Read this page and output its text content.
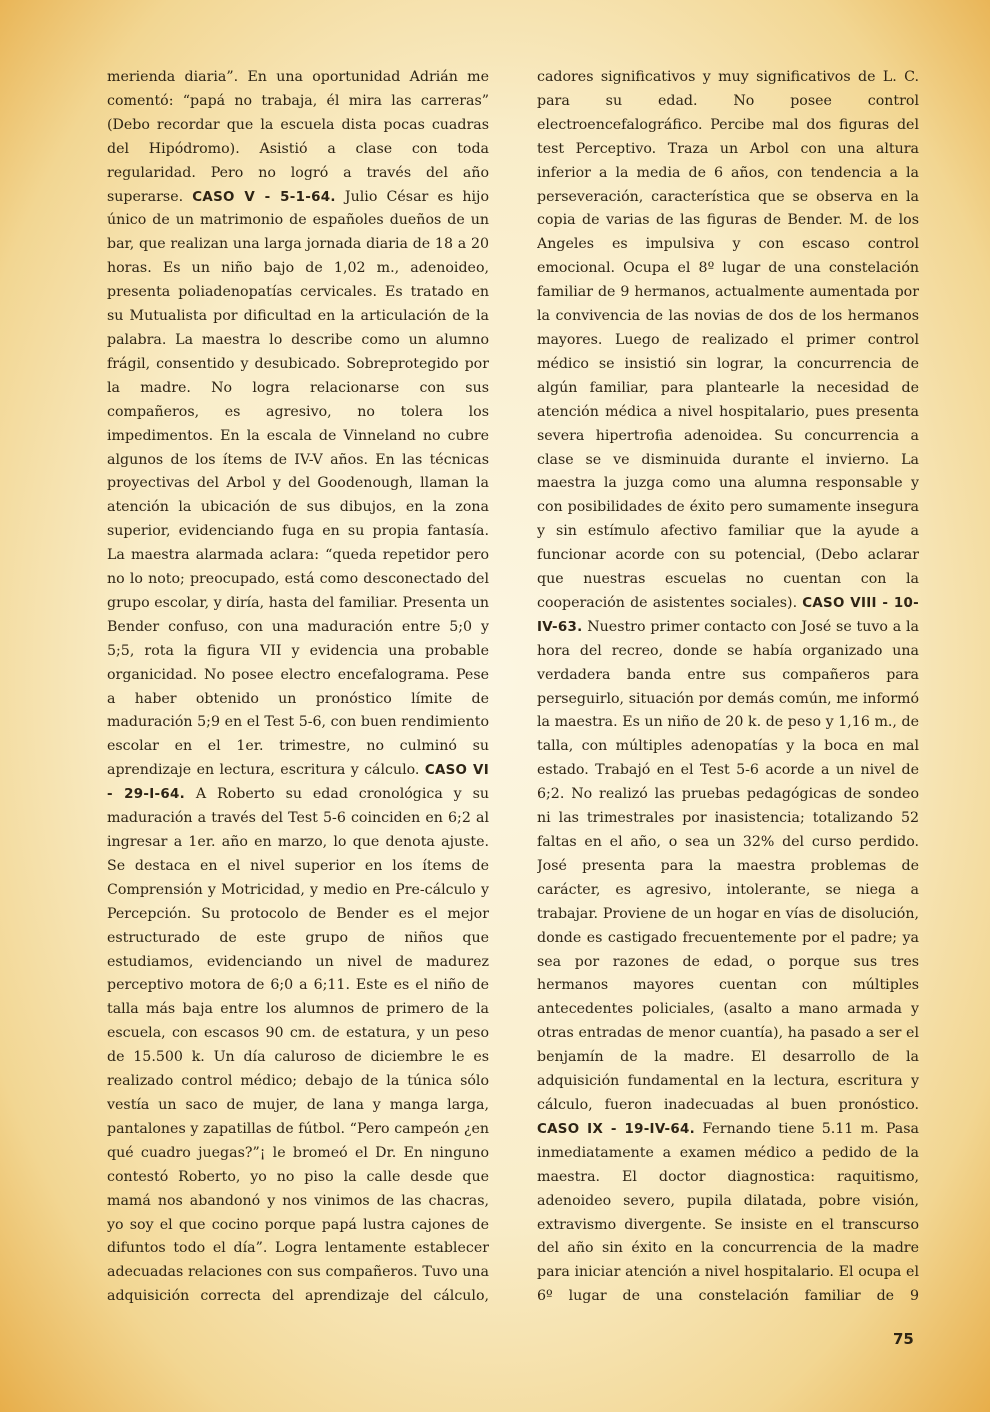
merienda diaria”. En una oportunidad Adrián me comentó: “papá no trabaja, él mira las carreras” (Debo recordar que la escuela dista pocas cuadras del Hipódromo). Asistió a clase con toda regularidad. Pero no logró a través del año superarse. CASO V - 5-1-64. Julio César es hijo único de un matrimonio de españoles dueños de un bar, que realizan una larga jornada diaria de 18 a 20 horas. Es un niño bajo de 1,02 m., adenoideo, presenta poliadenopatías cervicales. Es tratado en su Mutualista por dificultad en la articulación de la palabra. La maestra lo describe como un alumno frágil, consentido y desubicado. Sobreprotegido por la madre. No logra relacionarse con sus compañeros, es agresivo, no tolera los impedimentos. En la escala de Vinneland no cubre algunos de los ítems de IV-V años. En las técnicas proyectivas del Arbol y del Goodenough, llaman la atención la ubicación de sus dibujos, en la zona superior, evidenciando fuga en su propia fantasía. La maestra alarmada aclara: “queda repetidor pero no lo noto; preocupado, está como desconectado del grupo escolar, y diría, hasta del familiar. Presenta un Bender confuso, con una maduración entre 5;0 y 5;5, rota la figura VII y evidencia una probable organicidad. No posee electro encefalograma. Pese a haber obtenido un pronóstico límite de maduración 5;9 en el Test 5-6, con buen rendimiento escolar en el 1er. trimestre, no culminó su aprendizaje en lectura, escritura y cálculo. CASO VI - 29-I-64. A Roberto su edad cronológica y su maduración a través del Test 5-6 coinciden en 6;2 al ingresar a 1er. año en marzo, lo que denota ajuste. Se destaca en el nivel superior en los ítems de Comprensión y Motricidad, y medio en Pre-cálculo y Percepción. Su protocolo de Bender es el mejor estructurado de este grupo de niños que estudiamos, evidenciando un nivel de madurez perceptivo motora de 6;0 a 6;11. Este es el niño de talla más baja entre los alumnos de primero de la escuela, con escasos 90 cm. de estatura, y un peso de 15.500 k. Un día caluroso de diciembre le es realizado control médico; debajo de la túnica sólo vestía un saco de mujer, de lana y manga larga, pantalones y zapatillas de fútbol. “Pero campeón ¿en qué cuadro juegas?”¡ le bromeó el Dr. En ninguno contestó Roberto, yo no piso la calle desde que mamá nos abandonó y nos vinimos de las chacras, yo soy el que cocino porque papá lustra cajones de difuntos todo el día”. Logra lentamente establecer adecuadas relaciones con sus compañeros. Tuvo una adquisición correcta del aprendizaje del cálculo,

cadores significativos y muy significativos de L. C. para su edad. No posee control electroencefalográfico. Percibe mal dos figuras del test Perceptivo. Traza un Arbol con una altura inferior a la media de 6 años, con tendencia a la perseveración, característica que se observa en la copia de varias de las figuras de Bender. M. de los Angeles es impulsiva y con escaso control emocional. Ocupa el 8º lugar de una constelación familiar de 9 hermanos, actualmente aumentada por la convivencia de las novias de dos de los hermanos mayores. Luego de realizado el primer control médico se insistió sin lograr, la concurrencia de algún familiar, para plantearle la necesidad de atención médica a nivel hospitalario, pues presenta severa hipertrofia adenoidea. Su concurrencia a clase se ve disminuida durante el invierno. La maestra la juzga como una alumna responsable y con posibilidades de éxito pero sumamente insegura y sin estímulo afectivo familiar que la ayude a funcionar acorde con su potencial, (Debo aclarar que nuestras escuelas no cuentan con la cooperación de asistentes sociales). CASO VIII - 10-IV-63. Nuestro primer contacto con José se tuvo a la hora del recreo, donde se había organizado una verdadera banda entre sus compañeros para perseguirlo, situación por demás común, me informó la maestra. Es un niño de 20 k. de peso y 1,16 m., de talla, con múltiples adenopatías y la boca en mal estado. Trabajó en el Test 5-6 acorde a un nivel de 6;2. No realizó las pruebas pedagógicas de sondeo ni las trimestrales por inasistencia; totalizando 52 faltas en el año, o sea un 32% del curso perdido. José presenta para la maestra problemas de carácter, es agresivo, intolerante, se niega a trabajar. Proviene de un hogar en vías de disolución, donde es castigado frecuentemente por el padre; ya sea por razones de edad, o porque sus tres hermanos mayores cuentan con múltiples antecedentes policiales, (asalto a mano armada y otras entradas de menor cuantía), ha pasado a ser el benjamín de la madre. El desarrollo de la adquisición fundamental en la lectura, escritura y cálculo, fueron inadecuadas al buen pronóstico. CASO IX - 19-IV-64. Fernando tiene 5.11 m. Pasa inmediatamente a examen médico a pedido de la maestra. El doctor diagnostica: raquitismo, adenoideo severo, pupila dilatada, pobre visión, extravismo divergente. Se insiste en el transcurso del año sin éxito en la concurrencia de la madre para iniciar atención a nivel hospitalario. El ocupa el 6º lugar de una constelación familiar de 9

75
